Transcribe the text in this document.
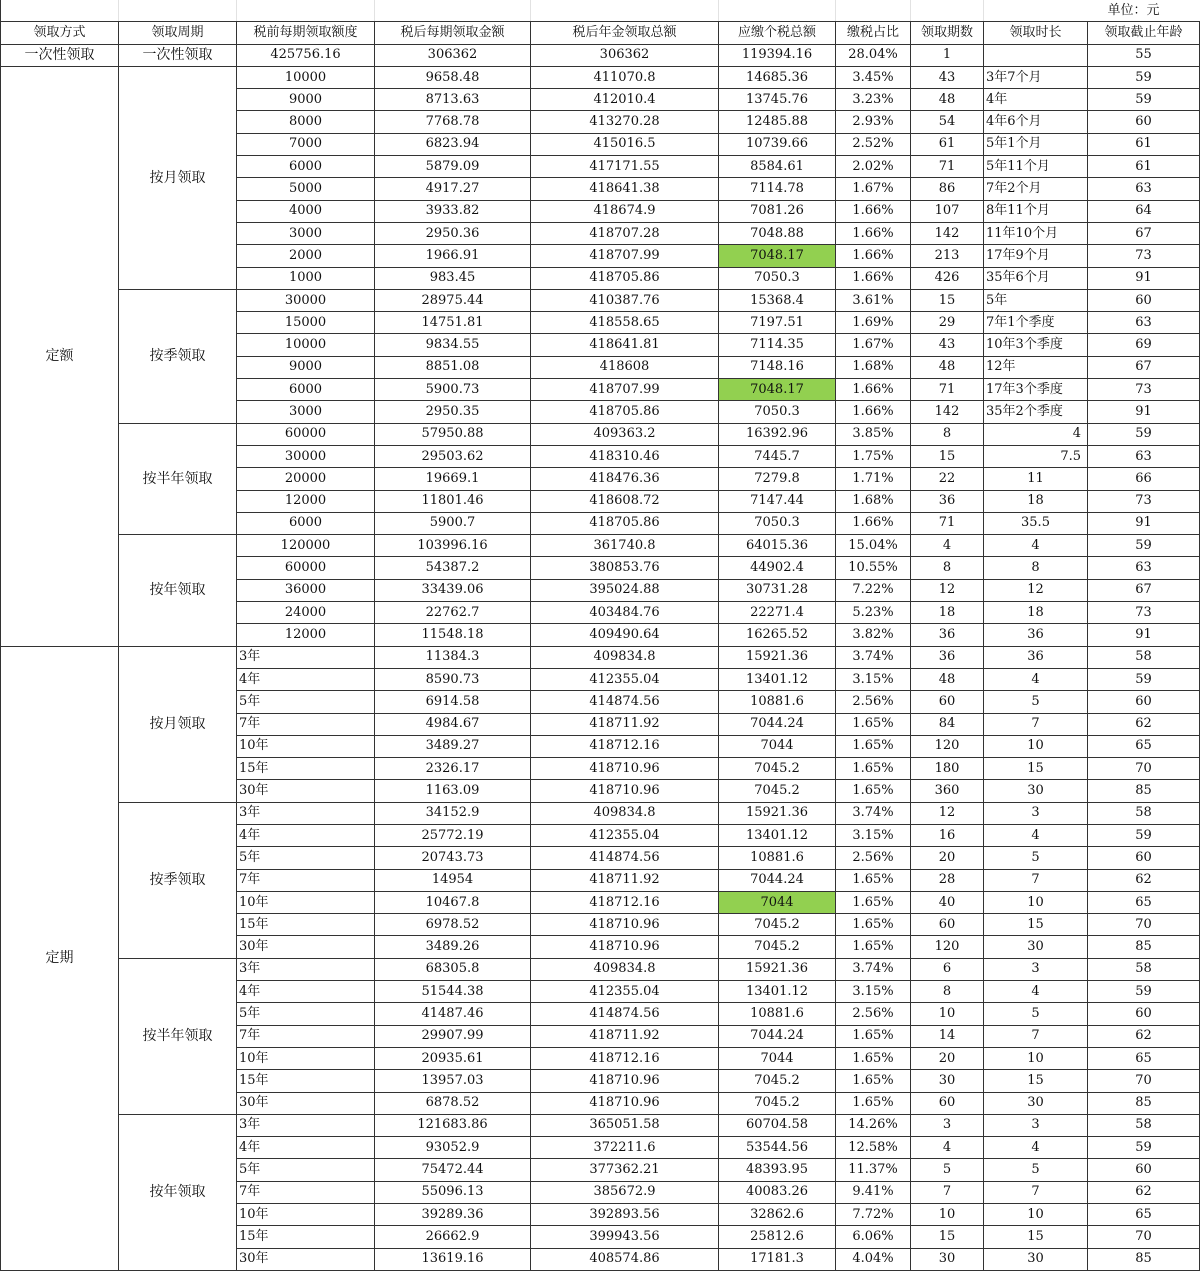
								单位：元	
领取方式	领取周期	税前每期领取额度	税后每期领取金额	税后年金领取总额	应缴个税总额	缴税占比	领取期数	领取时长	领取截止年龄
一次性领取	一次性领取	425756.16	306362	306362	119394.16	28.04%	1		55
定额	按月领取	10000	9658.48	411070.8	14685.36	3.45%	43	3年7个月	59
		9000	8713.63	412010.4	13745.76	3.23%	48	4年	59
		8000	7768.78	413270.28	12485.88	2.93%	54	4年6个月	60
		7000	6823.94	415016.5	10739.66	2.52%	61	5年1个月	61
		6000	5879.09	417171.55	8584.61	2.02%	71	5年11个月	61
		5000	4917.27	418641.38	7114.78	1.67%	86	7年2个月	63
		4000	3933.82	418674.9	7081.26	1.66%	107	8年11个月	64
		3000	2950.36	418707.28	7048.88	1.66%	142	11年10个月	67
		2000	1966.91	418707.99	7048.17	1.66%	213	17年9个月	73
		1000	983.45	418705.86	7050.3	1.66%	426	35年6个月	91
	按季领取	30000	28975.44	410387.76	15368.4	3.61%	15	5年	60
		15000	14751.81	418558.65	7197.51	1.69%	29	7年1个季度	63
		10000	9834.55	418641.81	7114.35	1.67%	43	10年3个季度	69
		9000	8851.08	418608	7148.16	1.68%	48	12年	67
		6000	5900.73	418707.99	7048.17	1.66%	71	17年3个季度	73
		3000	2950.35	418705.86	7050.3	1.66%	142	35年2个季度	91
	按半年领取	60000	57950.88	409363.2	16392.96	3.85%	8	4	59
		30000	29503.62	418310.46	7445.7	1.75%	15	7.5	63
		20000	19669.1	418476.36	7279.8	1.71%	22	11	66
		12000	11801.46	418608.72	7147.44	1.68%	36	18	73
		6000	5900.7	418705.86	7050.3	1.66%	71	35.5	91
	按年领取	120000	103996.16	361740.8	64015.36	15.04%	4	4	59
		60000	54387.2	380853.76	44902.4	10.55%	8	8	63
		36000	33439.06	395024.88	30731.28	7.22%	12	12	67
		24000	22762.7	403484.76	22271.4	5.23%	18	18	73
		12000	11548.18	409490.64	16265.52	3.82%	36	36	91
定期	按月领取	3年	11384.3	409834.8	15921.36	3.74%	36	36	58
		4年	8590.73	412355.04	13401.12	3.15%	48	4	59
		5年	6914.58	414874.56	10881.6	2.56%	60	5	60
		7年	4984.67	418711.92	7044.24	1.65%	84	7	62
		10年	3489.27	418712.16	7044	1.65%	120	10	65
		15年	2326.17	418710.96	7045.2	1.65%	180	15	70
		30年	1163.09	418710.96	7045.2	1.65%	360	30	85
	按季领取	3年	34152.9	409834.8	15921.36	3.74%	12	3	58
		4年	25772.19	412355.04	13401.12	3.15%	16	4	59
		5年	20743.73	414874.56	10881.6	2.56%	20	5	60
		7年	14954	418711.92	7044.24	1.65%	28	7	62
		10年	10467.8	418712.16	7044	1.65%	40	10	65
		15年	6978.52	418710.96	7045.2	1.65%	60	15	70
		30年	3489.26	418710.96	7045.2	1.65%	120	30	85
	按半年领取	3年	68305.8	409834.8	15921.36	3.74%	6	3	58
		4年	51544.38	412355.04	13401.12	3.15%	8	4	59
		5年	41487.46	414874.56	10881.6	2.56%	10	5	60
		7年	29907.99	418711.92	7044.24	1.65%	14	7	62
		10年	20935.61	418712.16	7044	1.65%	20	10	65
		15年	13957.03	418710.96	7045.2	1.65%	30	15	70
		30年	6878.52	418710.96	7045.2	1.65%	60	30	85
	按年领取	3年	121683.86	365051.58	60704.58	14.26%	3	3	58
		4年	93052.9	372211.6	53544.56	12.58%	4	4	59
		5年	75472.44	377362.21	48393.95	11.37%	5	5	60
		7年	55096.13	385672.9	40083.26	9.41%	7	7	62
		10年	39289.36	392893.56	32862.6	7.72%	10	10	65
		15年	26662.9	399943.56	25812.6	6.06%	15	15	70
		30年	13619.16	408574.86	17181.3	4.04%	30	30	85
